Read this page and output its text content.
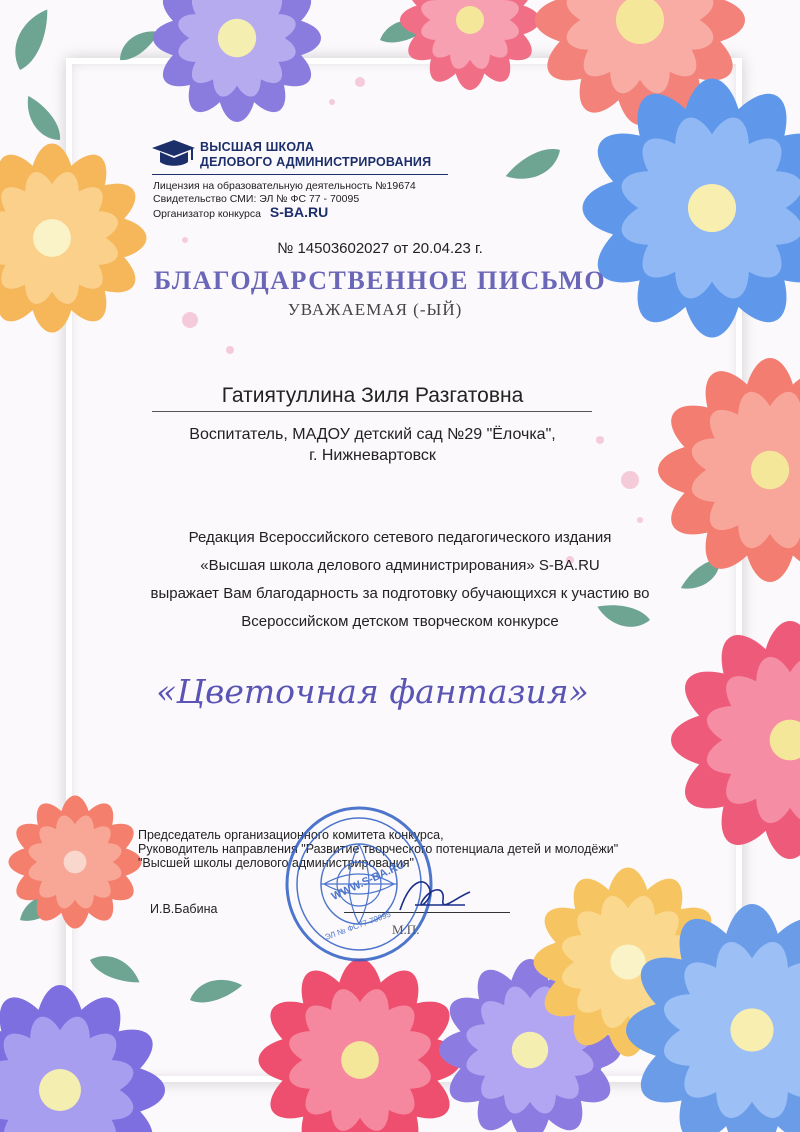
ВЫСШАЯ ШКОЛА
ДЕЛОВОГО АДМИНИСТРИРОВАНИЯ
Лицензия на образовательную деятельность №19674
Свидетельство СМИ: ЭЛ № ФС 77 - 70095
Организатор конкурса S-BA.RU
№ 14503602027 от 20.04.23 г.
БЛАГОДАРСТВЕННОЕ ПИСЬМО
УВАЖАЕМАЯ (-ЫЙ)
Гатиятуллина Зиля Разгатовна
Воспитатель, МАДОУ детский сад №29 "Ёлочка",
г. Нижневартовск
Редакция Всероссийского сетевого педагогического издания
«Высшая школа делового администрирования» S-BA.RU
выражает Вам благодарность за подготовку обучающихся к участию во
Всероссийском детском творческом конкурсе
«Цветочная фантазия»
Председатель организационного комитета конкурса,
Руководитель направления "Развитие творческого потенциала детей и молодёжи"
"Высшей школы делового администрирования"
И.В.Бабина
М.П.
WWW.S-BA.RU
ЭЛ № ФС77-70095
